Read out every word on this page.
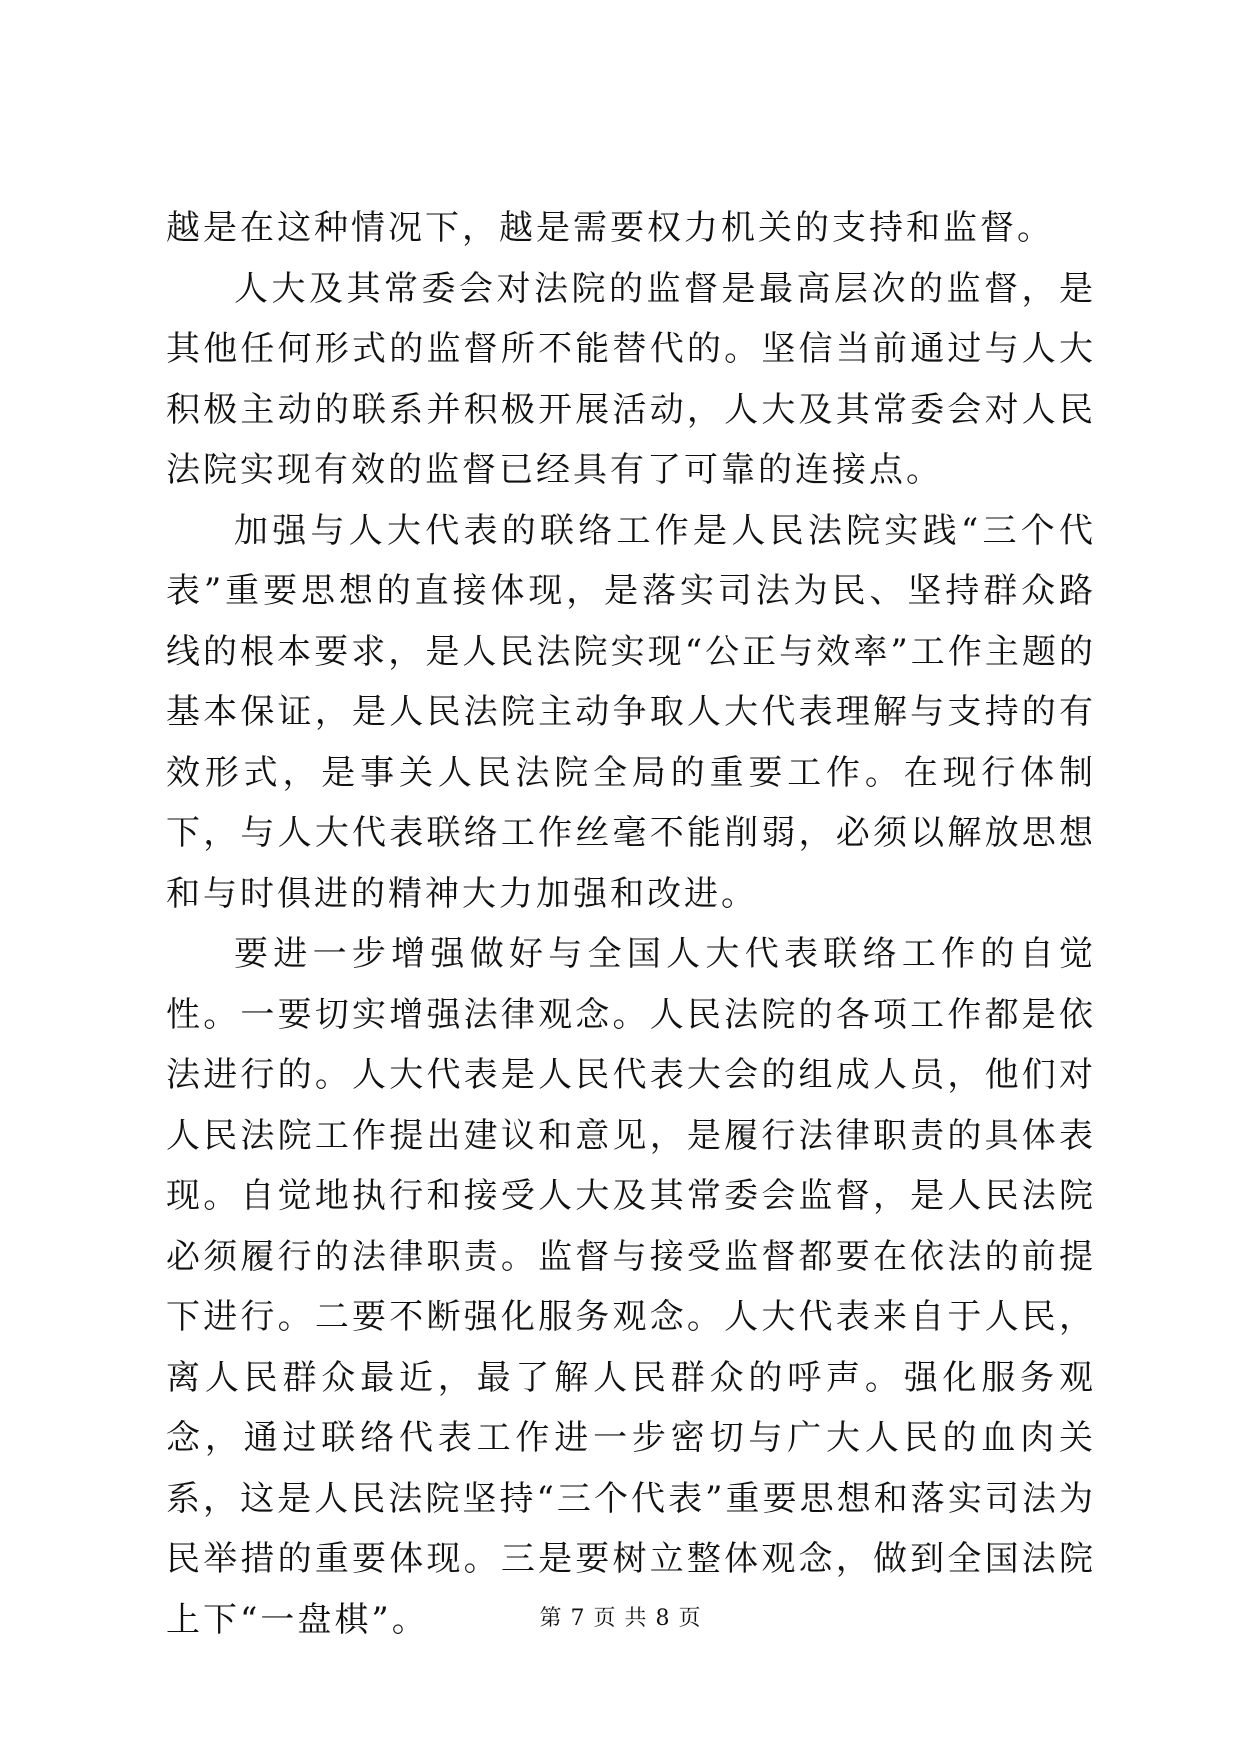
越是在这种情况下，越是需要权力机关的支持和监督。

人大及其常委会对法院的监督是最高层次的监督，是其他任何形式的监督所不能替代的。坚信当前通过与人大积极主动的联系并积极开展活动，人大及其常委会对人民法院实现有效的监督已经具有了可靠的连接点。

加强与人大代表的联络工作是人民法院实践“三个代表”重要思想的直接体现，是落实司法为民、坚持群众路线的根本要求，是人民法院实现“公正与效率”工作主题的基本保证，是人民法院主动争取人大代表理解与支持的有效形式，是事关人民法院全局的重要工作。在现行体制下，与人大代表联络工作丝毫不能削弱，必须以解放思想和与时俱进的精神大力加强和改进。

要进一步增强做好与全国人大代表联络工作的自觉性。一要切实增强法律观念。人民法院的各项工作都是依法进行的。人大代表是人民代表大会的组成人员，他们对人民法院工作提出建议和意见，是履行法律职责的具体表现。自觉地执行和接受人大及其常委会监督，是人民法院必须履行的法律职责。监督与接受监督都要在依法的前提下进行。二要不断强化服务观念。人大代表来自于人民，离人民群众最近，最了解人民群众的呼声。强化服务观念，通过联络代表工作进一步密切与广大人民的血肉关系，这是人民法院坚持“三个代表”重要思想和落实司法为民举措的重要体现。三是要树立整体观念，做到全国法院上下“一盘棋”。	第 7 页 共 8 页
